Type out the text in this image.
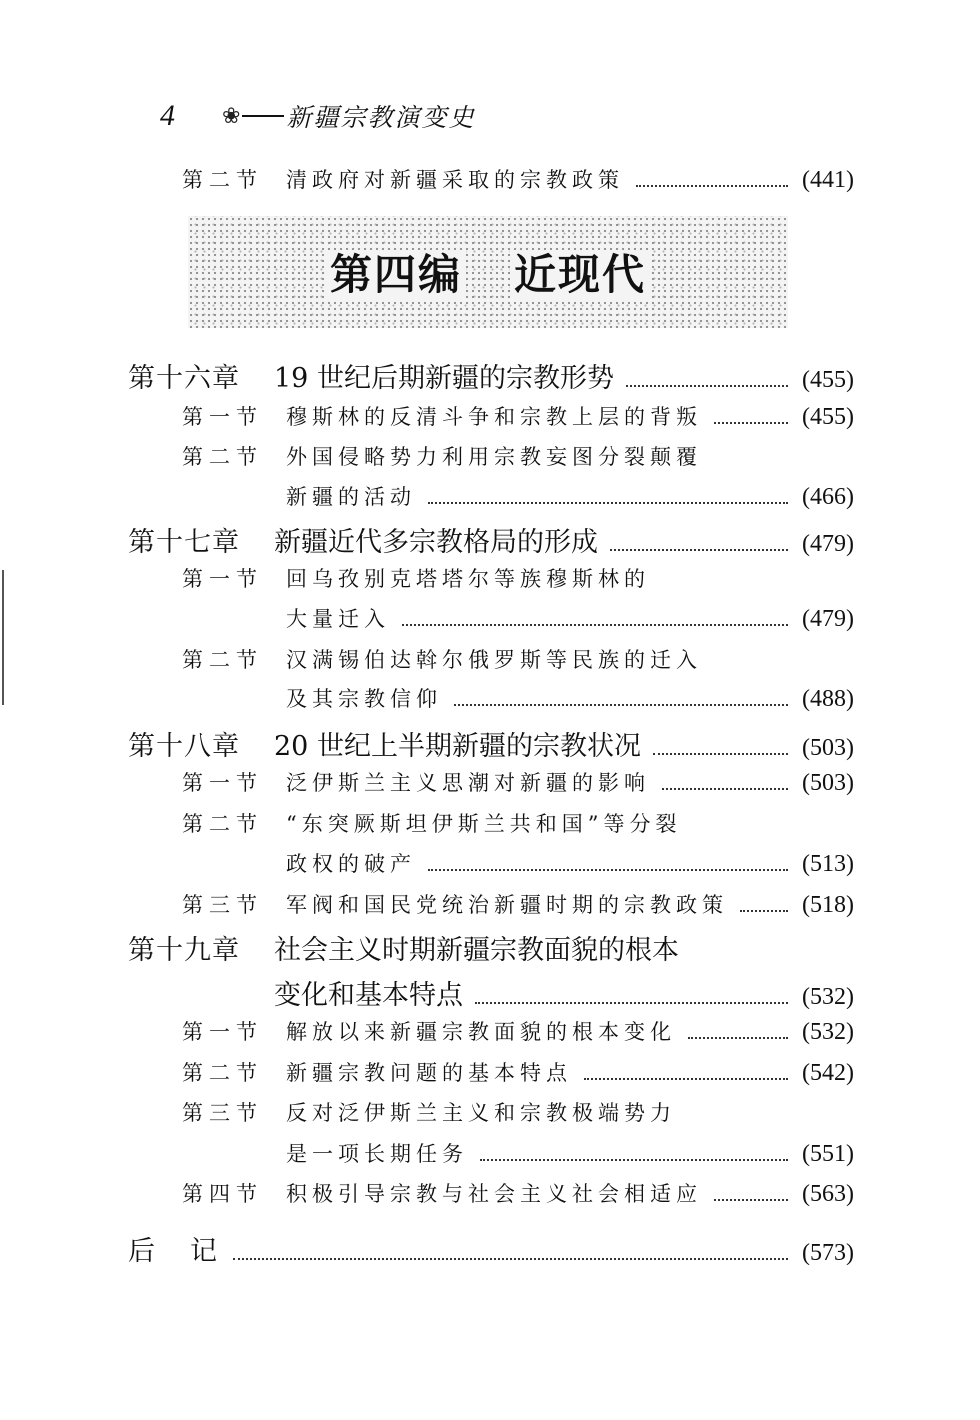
4	❀ 新疆宗教演变史
第二节	清政府对新疆采取的宗教政策	(441)
第四编 近现代
第十六章	19 世纪后期新疆的宗教形势	(455)
第一节	穆斯林的反清斗争和宗教上层的背叛	(455)
第二节	外国侵略势力利用宗教妄图分裂颠覆
新疆的活动	(466)
第十七章	新疆近代多宗教格局的形成	(479)
第一节	回乌孜别克塔塔尔等族穆斯林的
大量迁入	(479)
第二节	汉满锡伯达斡尔俄罗斯等民族的迁入
及其宗教信仰	(488)
第十八章	20 世纪上半期新疆的宗教状况	(503)
第一节	泛伊斯兰主义思潮对新疆的影响	(503)
第二节	“东突厥斯坦伊斯兰共和国”等分裂
政权的破产	(513)
第三节	军阀和国民党统治新疆时期的宗教政策	(518)
第十九章	社会主义时期新疆宗教面貌的根本
变化和基本特点	(532)
第一节	解放以来新疆宗教面貌的根本变化	(532)
第二节	新疆宗教问题的基本特点	(542)
第三节	反对泛伊斯兰主义和宗教极端势力
是一项长期任务	(551)
第四节	积极引导宗教与社会主义社会相适应	(563)
后　记	(573)
